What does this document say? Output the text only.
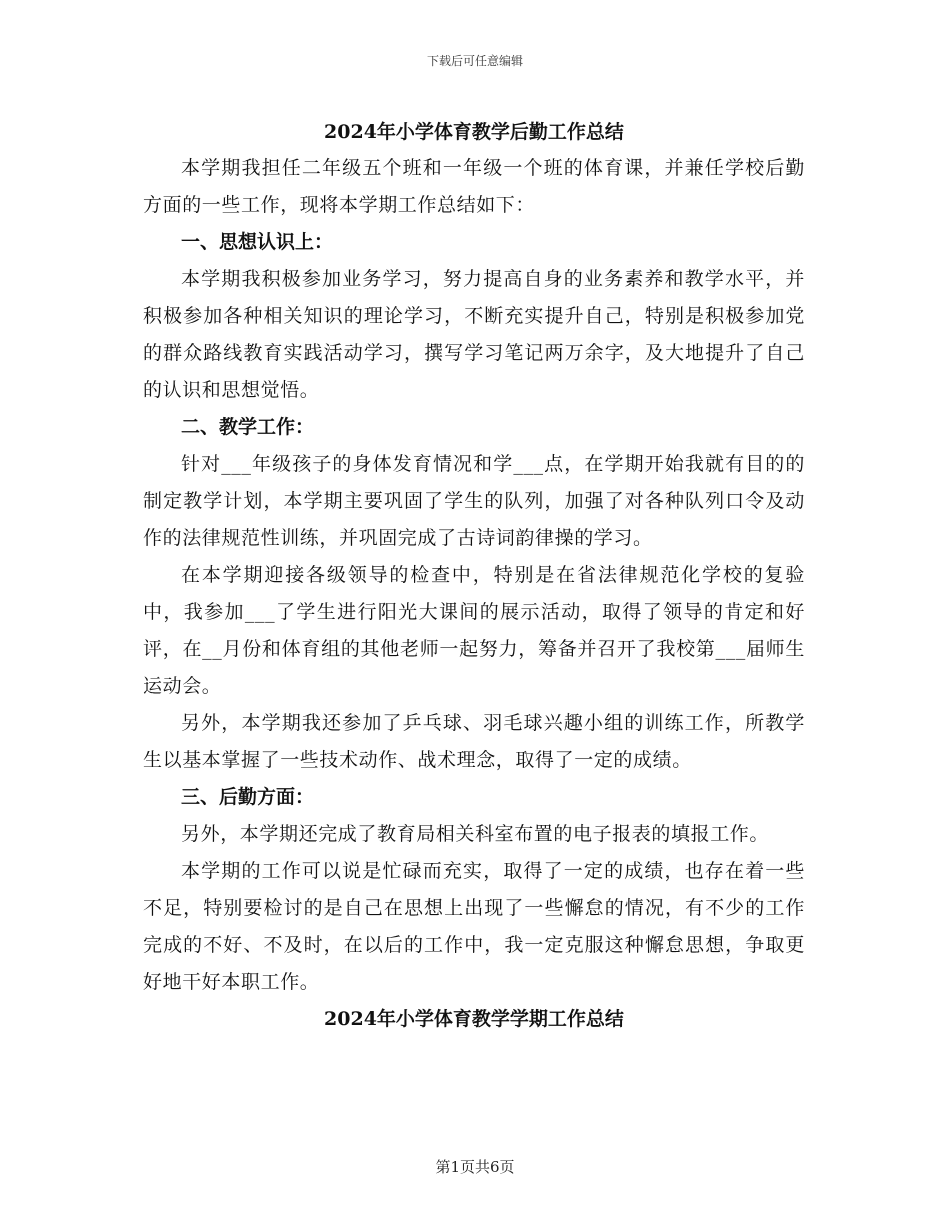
下载后可任意编辑
2024年小学体育教学后勤工作总结

本学期我担任二年级五个班和一年级一个班的体育课，并兼任学校后勤方面的一些工作，现将本学期工作总结如下：

一、思想认识上：

本学期我积极参加业务学习，努力提高自身的业务素养和教学水平，并积极参加各种相关知识的理论学习，不断充实提升自己，特别是积极参加党的群众路线教育实践活动学习，撰写学习笔记两万余字，及大地提升了自己的认识和思想觉悟。

二、教学工作：

针对___年级孩子的身体发育情况和学___点，在学期开始我就有目的的制定教学计划，本学期主要巩固了学生的队列，加强了对各种队列口令及动作的法律规范性训练，并巩固完成了古诗词韵律操的学习。

在本学期迎接各级领导的检查中，特别是在省法律规范化学校的复验中，我参加___了学生进行阳光大课间的展示活动，取得了领导的肯定和好评，在__月份和体育组的其他老师一起努力，筹备并召开了我校第___届师生运动会。

另外，本学期我还参加了乒乓球、羽毛球兴趣小组的训练工作，所教学生以基本掌握了一些技术动作、战术理念，取得了一定的成绩。

三、后勤方面：

另外，本学期还完成了教育局相关科室布置的电子报表的填报工作。

本学期的工作可以说是忙碌而充实，取得了一定的成绩，也存在着一些不足，特别要检讨的是自己在思想上出现了一些懈怠的情况，有不少的工作完成的不好、不及时，在以后的工作中，我一定克服这种懈怠思想，争取更好地干好本职工作。

2024年小学体育教学学期工作总结
第1页共6页
